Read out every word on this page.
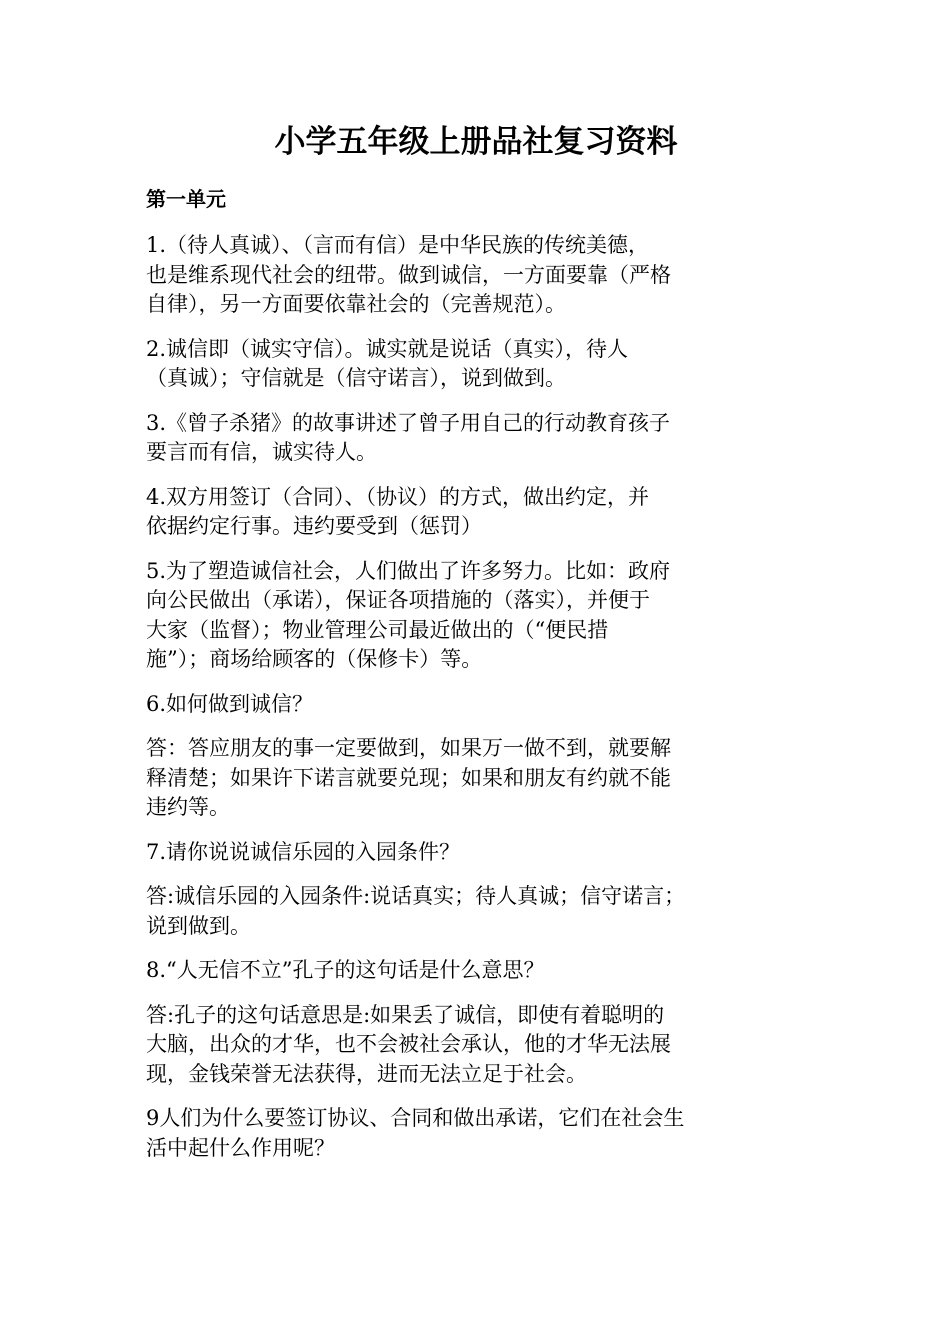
小学五年级上册品社复习资料
第一单元

1.（待人真诚）、（言而有信）是中华民族的传统美德，
也是维系现代社会的纽带。做到诚信，一方面要靠（严格
自律），另一方面要依靠社会的（完善规范）。

2.诚信即（诚实守信）。诚实就是说话（真实），待人
（真诚）；守信就是（信守诺言），说到做到。

3.《曾子杀猪》的故事讲述了曾子用自己的行动教育孩子
要言而有信，诚实待人。

4.双方用签订（合同）、（协议）的方式，做出约定，并
依据约定行事。违约要受到（惩罚）

5.为了塑造诚信社会，人们做出了许多努力。比如：政府
向公民做出（承诺），保证各项措施的（落实），并便于
大家（监督）；物业管理公司最近做出的（“便民措
施”）；商场给顾客的（保修卡）等。

6.如何做到诚信？

答：答应朋友的事一定要做到，如果万一做不到，就要解
释清楚；如果许下诺言就要兑现；如果和朋友有约就不能
违约等。

7.请你说说诚信乐园的入园条件？

答:诚信乐园的入园条件:说话真实；待人真诚；信守诺言；
说到做到。

8.“人无信不立”孔子的这句话是什么意思？

答:孔子的这句话意思是:如果丢了诚信，即使有着聪明的
大脑，出众的才华，也不会被社会承认，他的才华无法展
现，金钱荣誉无法获得，进而无法立足于社会。

9人们为什么要签订协议、合同和做出承诺，它们在社会生
活中起什么作用呢？
